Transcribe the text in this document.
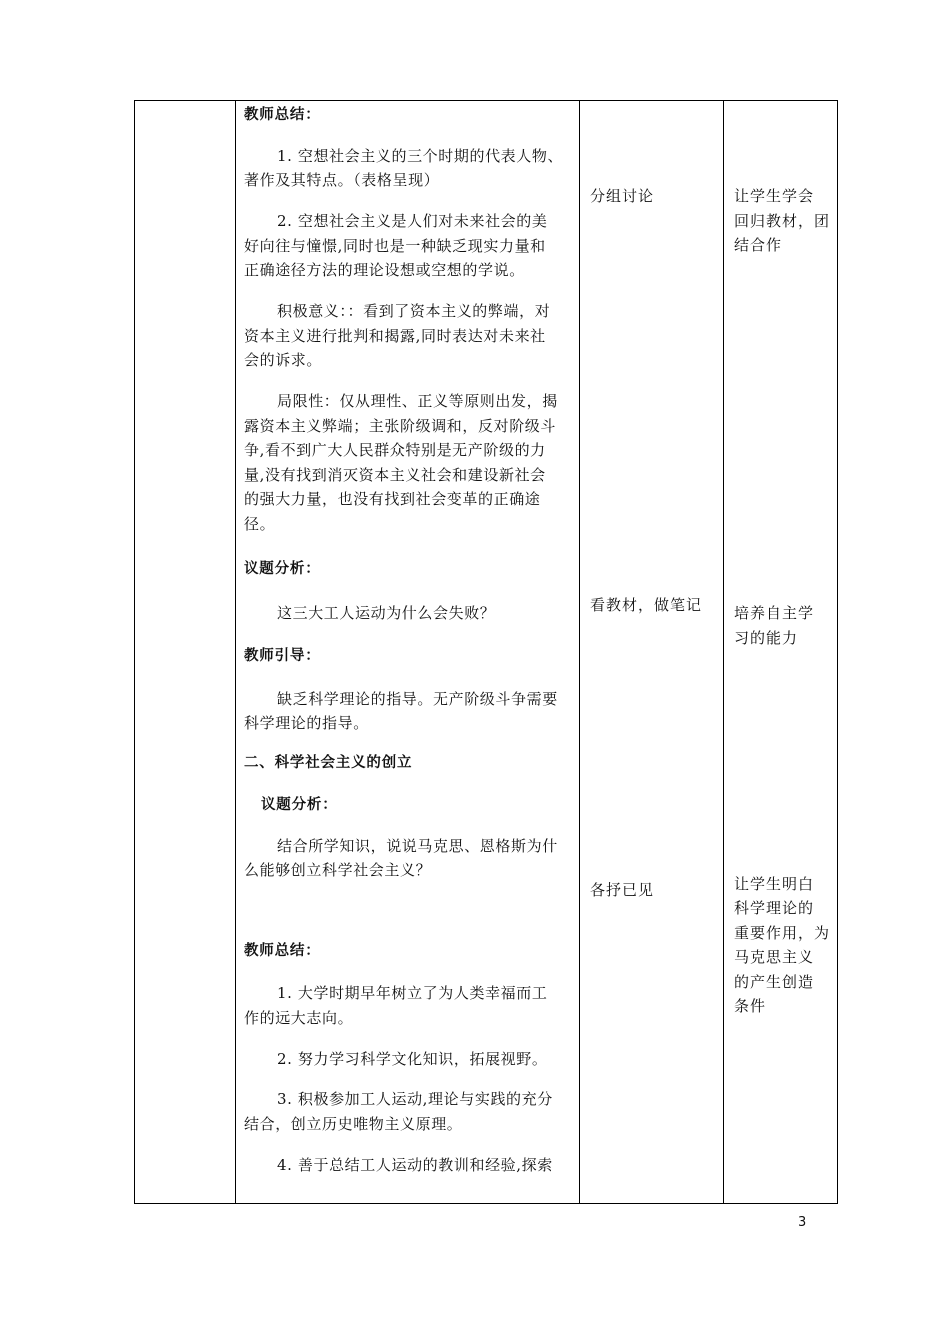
教师总结：
1. 空想社会主义的三个时期的代表人物、
著作及其特点。（表格呈现）
2. 空想社会主义是人们对未来社会的美
好向往与憧憬,同时也是一种缺乏现实力量和
正确途径方法的理论设想或空想的学说。
积极意义：：看到了资本主义的弊端，对
资本主义进行批判和揭露,同时表达对未来社
会的诉求。
局限性：仅从理性、正义等原则出发，揭
露资本主义弊端；主张阶级调和，反对阶级斗
争,看不到广大人民群众特别是无产阶级的力
量,没有找到消灭资本主义社会和建设新社会
的强大力量，也没有找到社会变革的正确途
径。
议题分析：
这三大工人运动为什么会失败？
教师引导：
缺乏科学理论的指导。无产阶级斗争需要
科学理论的指导。
二、科学社会主义的创立
议题分析：
结合所学知识，说说马克思、恩格斯为什
么能够创立科学社会主义？
教师总结：
1. 大学时期早年树立了为人类幸福而工
作的远大志向。
2. 努力学习科学文化知识，拓展视野。
3. 积极参加工人运动,理论与实践的充分
结合，创立历史唯物主义原理。
4. 善于总结工人运动的教训和经验,探索
分组讨论
看教材，做笔记
各抒已见
让学生学会
回归教材，团
结合作
培养自主学
习的能力
让学生明白
科学理论的
重要作用，为
马克思主义
的产生创造
条件
3
